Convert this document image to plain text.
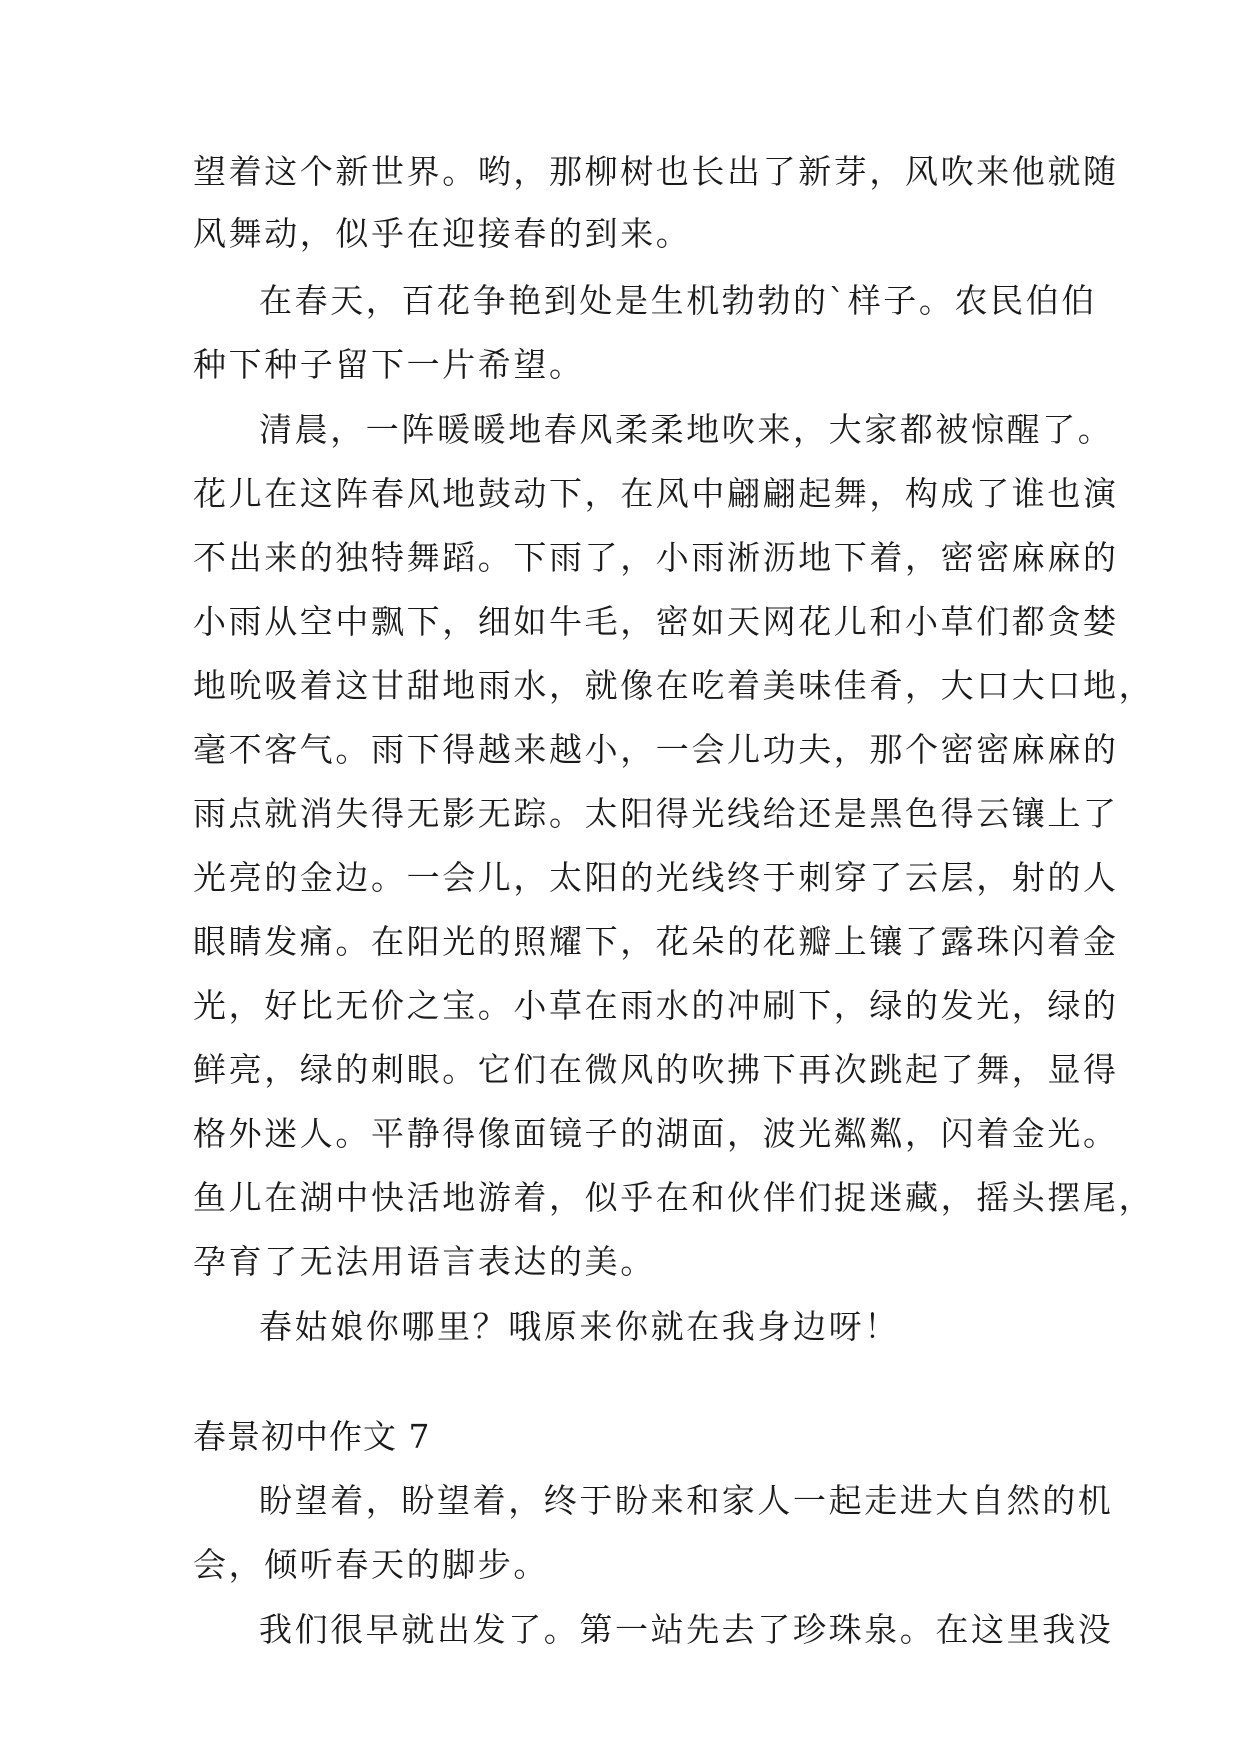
望着这个新世界。哟，那柳树也长出了新芽，风吹来他就随
风舞动，似乎在迎接春的到来。
在春天，百花争艳到处是生机勃勃的`样子。农民伯伯
种下种子留下一片希望。
清晨，一阵暖暖地春风柔柔地吹来，大家都被惊醒了。
花儿在这阵春风地鼓动下，在风中翩翩起舞，构成了谁也演
不出来的独特舞蹈。下雨了，小雨淅沥地下着，密密麻麻的
小雨从空中飘下，细如牛毛，密如天网花儿和小草们都贪婪
地吮吸着这甘甜地雨水，就像在吃着美味佳肴，大口大口地，
毫不客气。雨下得越来越小，一会儿功夫，那个密密麻麻的
雨点就消失得无影无踪。太阳得光线给还是黑色得云镶上了
光亮的金边。一会儿，太阳的光线终于刺穿了云层，射的人
眼睛发痛。在阳光的照耀下，花朵的花瓣上镶了露珠闪着金
光，好比无价之宝。小草在雨水的冲刷下，绿的发光，绿的
鲜亮，绿的刺眼。它们在微风的吹拂下再次跳起了舞，显得
格外迷人。平静得像面镜子的湖面，波光粼粼，闪着金光。
鱼儿在湖中快活地游着，似乎在和伙伴们捉迷藏，摇头摆尾，
孕育了无法用语言表达的美。
春姑娘你哪里？哦原来你就在我身边呀！
春景初中作文 7
盼望着，盼望着，终于盼来和家人一起走进大自然的机
会，倾听春天的脚步。
我们很早就出发了。第一站先去了珍珠泉。在这里我没
